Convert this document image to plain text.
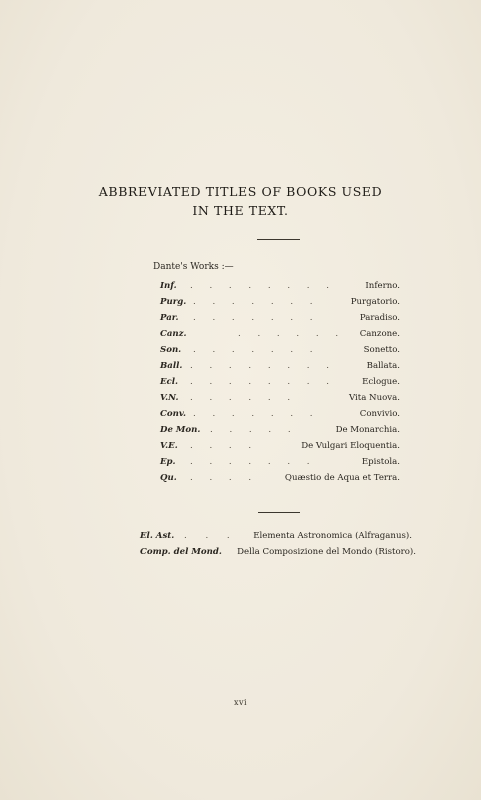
ABBREVIATED TITLES OF BOOKS USED
IN THE TEXT.
Dante's Works :—
Inf. . . . . . . . .	Inferno.
Purg. . . . . . . .	Purgatorio.
Par. . . . . . . .	Paradiso.
Canz.	. . . . . . Canzone.
Son. . . . . . . .	Sonetto.
Ball. . . . . . . . .	Ballata.
Ecl. . . . . . . . .	Eclogue.
V.N. . . . . . .	Vita Nuova.
Conv. . . . . . . .	Convivio.
De Mon. . . . . .	De Monarchia.
V.E. . . . .	De Vulgari Eloquentia.
Ep. . . . . . . .	Epistola.
Qu. . . . .	Quæstio de Aqua et Terra.
El. Ast. . . . Elementa Astronomica (Alfraganus).
Comp. del Mond. Della Composizione del Mondo (Ristoro).
xvi
